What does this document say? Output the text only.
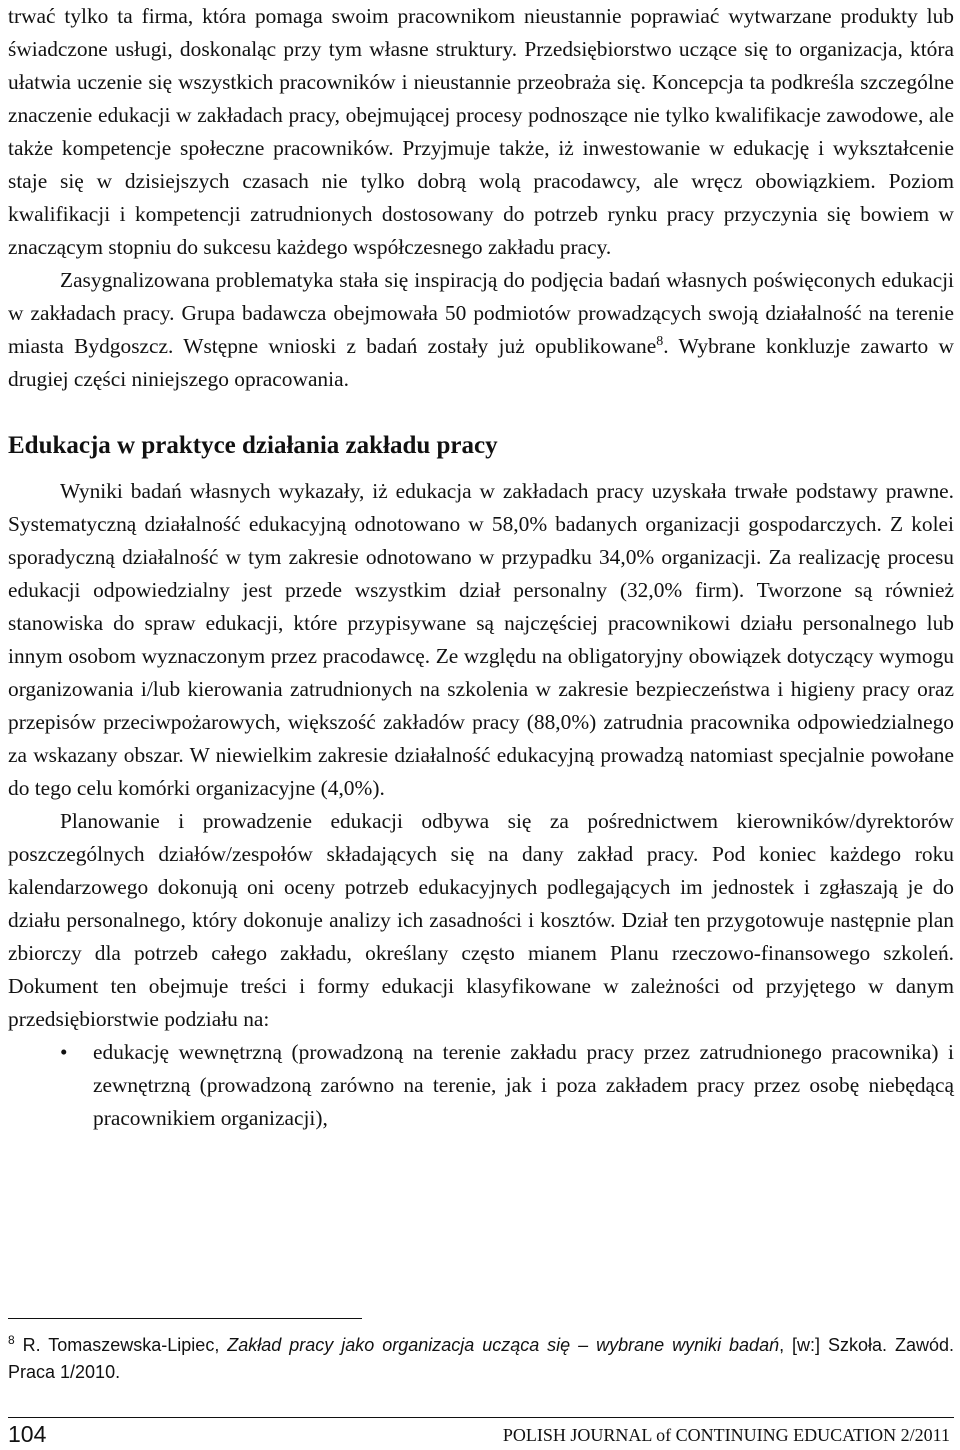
trwać tylko ta firma, która pomaga swoim pracownikom nieustannie poprawiać wytwarzane produkty lub świadczone usługi, doskonaląc przy tym własne struktury. Przedsiębiorstwo uczące się to organizacja, która ułatwia uczenie się wszystkich pracowników i nieustannie przeobraża się. Koncepcja ta podkreśla szczególne znaczenie edukacji w zakładach pracy, obejmującej procesy podnoszące nie tylko kwalifikacje zawodowe, ale także kompetencje społeczne pracowników. Przyjmuje także, iż inwestowanie w edukację i wykształcenie staje się w dzisiejszych czasach nie tylko dobrą wolą pracodawcy, ale wręcz obowiązkiem. Poziom kwalifikacji i kompetencji zatrudnionych dostosowany do potrzeb rynku pracy przyczynia się bowiem w znaczącym stopniu do sukcesu każdego współczesnego zakładu pracy.

Zasygnalizowana problematyka stała się inspiracją do podjęcia badań własnych poświęconych edukacji w zakładach pracy. Grupa badawcza obejmowała 50 podmiotów prowadzących swoją działalność na terenie miasta Bydgoszcz. Wstępne wnioski z badań zostały już opublikowane$^8$. Wybrane konkluzje zawarto w drugiej części niniejszego opracowania.

Edukacja w praktyce działania zakładu pracy

Wyniki badań własnych wykazały, iż edukacja w zakładach pracy uzyskała trwałe podstawy prawne. Systematyczną działalność edukacyjną odnotowano w 58,0% badanych organizacji gospodarczych. Z kolei sporadyczną działalność w tym zakresie odnotowano w przypadku 34,0% organizacji. Za realizację procesu edukacji odpowiedzialny jest przede wszystkim dział personalny (32,0% firm). Tworzone są również stanowiska do spraw edukacji, które przypisywane są najczęściej pracownikowi działu personalnego lub innym osobom wyznaczonym przez pracodawcę. Ze względu na obligatoryjny obowiązek dotyczący wymogu organizowania i/lub kierowania zatrudnionych na szkolenia w zakresie bezpieczeństwa i higieny pracy oraz przepisów przeciwpożarowych, większość zakładów pracy (88,0%) zatrudnia pracownika odpowiedzialnego za wskazany obszar. W niewielkim zakresie działalność edukacyjną prowadzą natomiast specjalnie powołane do tego celu komórki organizacyjne (4,0%).

Planowanie i prowadzenie edukacji odbywa się za pośrednictwem kierowników/dyrektorów poszczególnych działów/zespołów składających się na dany zakład pracy. Pod koniec każdego roku kalendarzowego dokonują oni oceny potrzeb edukacyjnych podlegających im jednostek i zgłaszają je do działu personalnego, który dokonuje analizy ich zasadności i kosztów. Dział ten przygotowuje następnie plan zbiorczy dla potrzeb całego zakładu, określany często mianem Planu rzeczowo-finansowego szkoleń. Dokument ten obejmuje treści i formy edukacji klasyfikowane w zależności od przyjętego w danym przedsiębiorstwie podziału na:

• edukację wewnętrzną (prowadzoną na terenie zakładu pracy przez zatrudnionego pracownika) i zewnętrzną (prowadzoną zarówno na terenie, jak i poza zakładem pracy przez osobę niebędącą pracownikiem organizacji),

$^8$ R. Tomaszewska-Lipiec, Zakład pracy jako organizacja ucząca się – wybrane wyniki badań, [w:] Szkoła. Zawód. Praca 1/2010.
104	POLISH JOURNAL of CONTINUING EDUCATION 2/2011
